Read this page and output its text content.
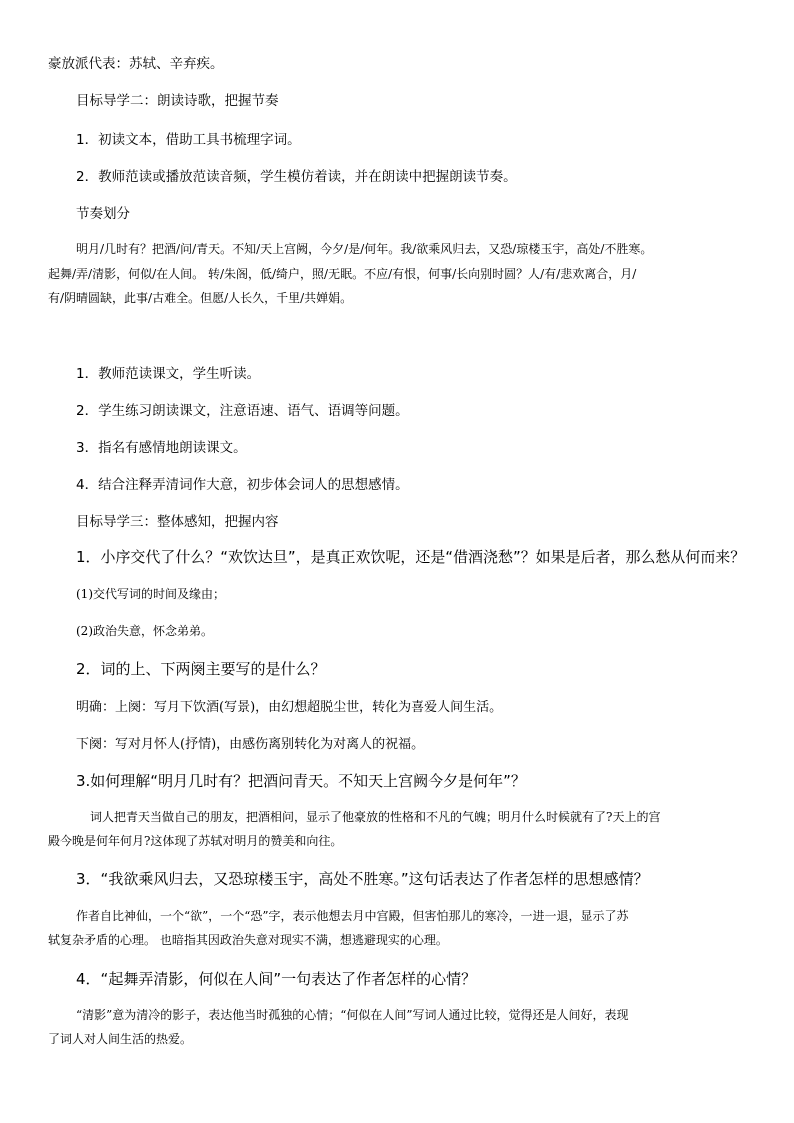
豪放派代表：苏轼、辛弃疾。

目标导学二：朗读诗歌，把握节奏

1．初读文本，借助工具书梳理字词。

2．教师范读或播放范读音频，学生模仿着读，并在朗读中把握朗读节奏。

节奏划分

明月/几时有？把酒/问/青天。不知/天上宫阙，今夕/是/何年。我/欲乘风归去，又恐/琼楼玉宇，高处/不胜寒。

起舞/弄/清影，何似/在人间。 转/朱阁，低/绮户，照/无眠。不应/有恨，何事/长向别时圆？人/有/悲欢离合，月/

有/阴晴圆缺，此事/古难全。但愿/人长久，千里/共婵娟。

1．教师范读课文，学生听读。

2．学生练习朗读课文，注意语速、语气、语调等问题。

3．指名有感情地朗读课文。

4．结合注释弄清词作大意，初步体会词人的思想感情。

目标导学三：整体感知，把握内容

1．小序交代了什么？“欢饮达旦”，是真正欢饮呢，还是“借酒浇愁”？如果是后者，那么愁从何而来？

(1)交代写词的时间及缘由；

(2)政治失意，怀念弟弟。

2．词的上、下两阕主要写的是什么？

明确：上阕：写月下饮酒(写景)，由幻想超脱尘世，转化为喜爱人间生活。

下阕：写对月怀人(抒情)，由感伤离别转化为对离人的祝福。

3.如何理解“明月几时有？把酒问青天。不知天上宫阙今夕是何年”？

词人把青天当做自己的朋友，把酒相问，显示了他豪放的性格和不凡的气魄；明月什么时候就有了?天上的宫

殿今晚是何年何月?这体现了苏轼对明月的赞美和向往。

3．“我欲乘风归去，又恐琼楼玉宇，高处不胜寒。”这句话表达了作者怎样的思想感情？

作者自比神仙，一个“欲”，一个“恐”字，表示他想去月中宫殿，但害怕那儿的寒冷，一进一退，显示了苏

轼复杂矛盾的心理。 也暗指其因政治失意对现实不满，想逃避现实的心理。

4．“起舞弄清影，何似在人间”一句表达了作者怎样的心情？

“清影”意为清冷的影子，表达他当时孤独的心情；“何似在人间”写词人通过比较，觉得还是人间好，表现

了词人对人间生活的热爱。
